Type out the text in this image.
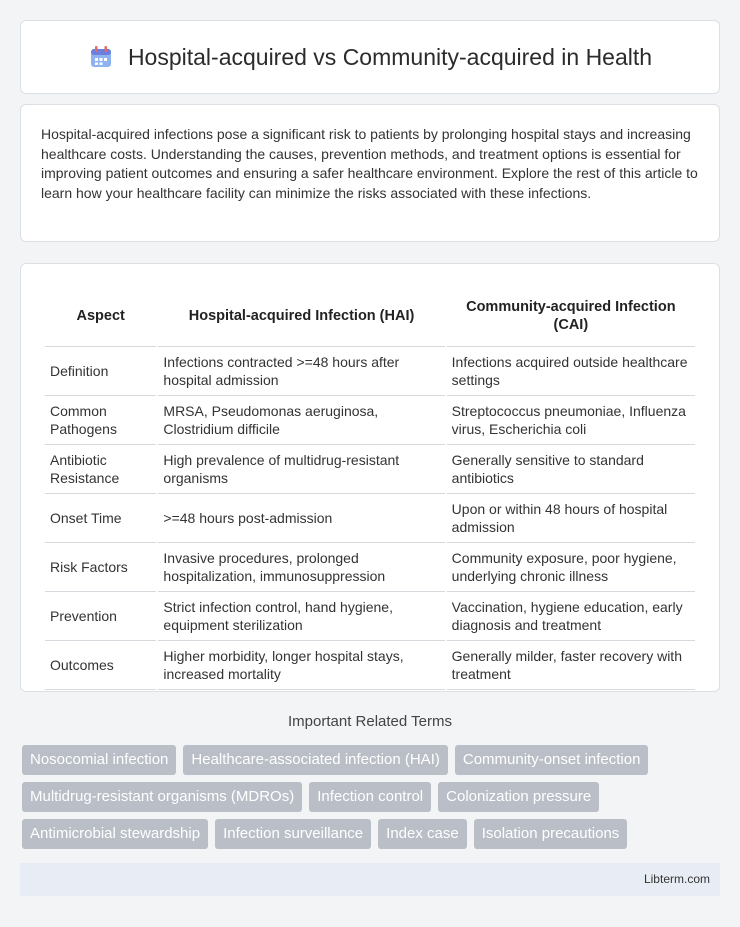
Hospital-acquired vs Community-acquired in Health

Hospital-acquired infections pose a significant risk to patients by prolonging hospital stays and increasing healthcare costs. Understanding the causes, prevention methods, and treatment options is essential for improving patient outcomes and ensuring a safer healthcare environment. Explore the rest of this article to learn how your healthcare facility can minimize the risks associated with these infections.

Aspect	Hospital-acquired Infection (HAI)	Community-acquired Infection (CAI)
Definition	Infections contracted >=48 hours after hospital admission	Infections acquired outside healthcare settings
Common Pathogens	MRSA, Pseudomonas aeruginosa, Clostridium difficile	Streptococcus pneumoniae, Influenza virus, Escherichia coli
Antibiotic Resistance	High prevalence of multidrug-resistant organisms	Generally sensitive to standard antibiotics
Onset Time	>=48 hours post-admission	Upon or within 48 hours of hospital admission
Risk Factors	Invasive procedures, prolonged hospitalization, immunosuppression	Community exposure, poor hygiene, underlying chronic illness
Prevention	Strict infection control, hand hygiene, equipment sterilization	Vaccination, hygiene education, early diagnosis and treatment
Outcomes	Higher morbidity, longer hospital stays, increased mortality	Generally milder, faster recovery with treatment
Important Related Terms
Nosocomial infection	Healthcare-associated infection (HAI)	Community-onset infection
Multidrug-resistant organisms (MDROs)	Infection control	Colonization pressure
Antimicrobial stewardship	Infection surveillance	Index case	Isolation precautions
Libterm.com
